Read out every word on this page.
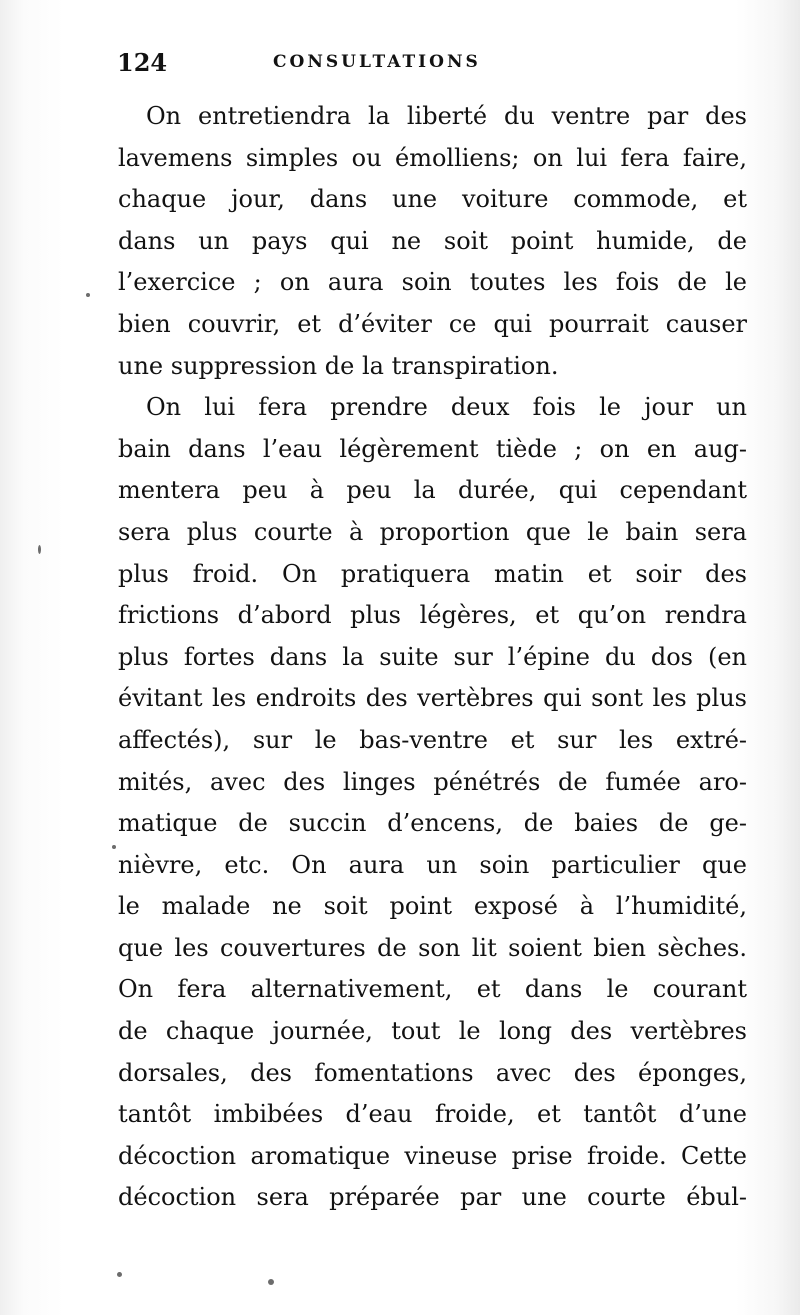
124	CONSULTATIONS
On entretiendra la liberté du ventre par des
lavemens simples ou émolliens; on lui fera faire,
chaque jour, dans une voiture commode, et
dans un pays qui ne soit point humide, de
l’exercice ; on aura soin toutes les fois de le
bien couvrir, et d’éviter ce qui pourrait causer
une suppression de la transpiration.
On lui fera prendre deux fois le jour un
bain dans l’eau légèrement tiède ; on en aug-
mentera peu à peu la durée, qui cependant
sera plus courte à proportion que le bain sera
plus froid. On pratiquera matin et soir des
frictions d’abord plus légères, et qu’on rendra
plus fortes dans la suite sur l’épine du dos (en
évitant les endroits des vertèbres qui sont les plus
affectés), sur le bas-ventre et sur les extré-
mités, avec des linges pénétrés de fumée aro-
matique de succin d’encens, de baies de ge-
nièvre, etc. On aura un soin particulier que
le malade ne soit point exposé à l’humidité,
que les couvertures de son lit soient bien sèches.
On fera alternativement, et dans le courant
de chaque journée, tout le long des vertèbres
dorsales, des fomentations avec des éponges,
tantôt imbibées d’eau froide, et tantôt d’une
décoction aromatique vineuse prise froide. Cette
décoction sera préparée par une courte ébul-
